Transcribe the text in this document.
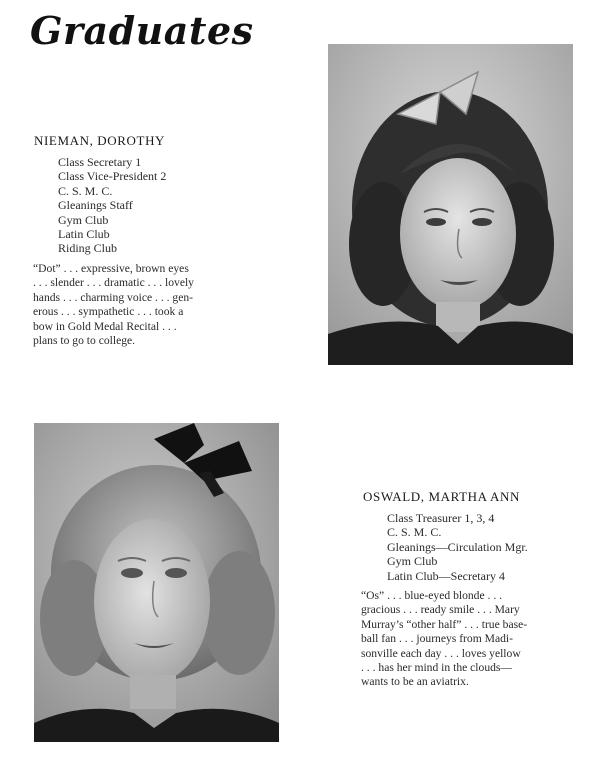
Graduates
NIEMAN, DOROTHY
Class Secretary 1
Class Vice-President 2
C. S. M. C.
Gleanings Staff
Gym Club
Latin Club
Riding Club
“Dot” . . . expressive, brown eyes
. . . slender . . . dramatic . . . lovely
hands . . . charming voice . . . gen-
erous . . . sympathetic . . . took a
bow in Gold Medal Recital . . .
plans to go to college.
OSWALD, MARTHA ANN
Class Treasurer 1, 3, 4
C. S. M. C.
Gleanings—Circulation Mgr.
Gym Club
Latin Club—Secretary 4
“Os” . . . blue-eyed blonde . . .
gracious . . . ready smile . . . Mary
Murray’s “other half” . . . true base-
ball fan . . . journeys from Madi-
sonville each day . . . loves yellow
. . . has her mind in the clouds—
wants to be an aviatrix.
